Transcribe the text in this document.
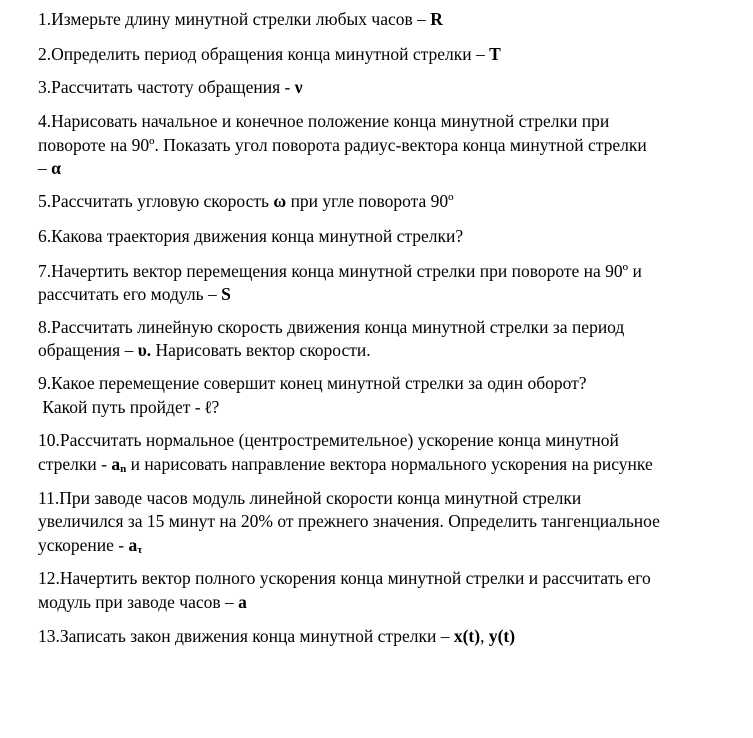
1.Измерьте длину минутной стрелки любых часов – R
2.Определить период обращения конца минутной стрелки – T
3.Рассчитать частоту обращения - ν
4.Нарисовать начальное и конечное положение конца минутной стрелки при
повороте на 90º. Показать угол поворота радиус-вектора конца минутной стрелки
– α
5.Рассчитать угловую скорость ω при угле поворота 90º
6.Какова траектория движения конца минутной стрелки?
7.Начертить вектор перемещения конца минутной стрелки при повороте на 90º и
рассчитать его модуль – S
8.Рассчитать линейную скорость движения конца минутной стрелки за период
обращения – υ. Нарисовать вектор скорости.
9.Какое перемещение совершит конец минутной стрелки за один оборот?
Какой путь пройдет - ℓ?
10.Рассчитать нормальное (центростремительное) ускорение конца минутной
стрелки - an и нарисовать направление вектора нормального ускорения на рисунке
11.При заводе часов модуль линейной скорости конца минутной стрелки
увеличился за 15 минут на 20% от прежнего значения. Определить тангенциальное
ускорение - aτ
12.Начертить вектор полного ускорения конца минутной стрелки и рассчитать его
модуль при заводе часов – a
13.Записать закон движения конца минутной стрелки – x(t), y(t)
